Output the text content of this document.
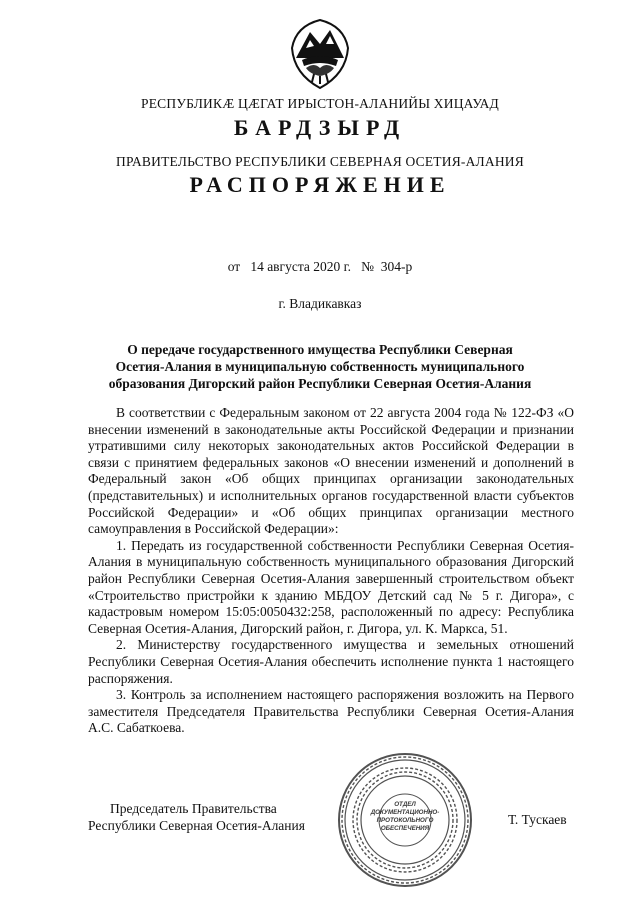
РЕСПУБЛИКÆ ЦÆГАТ ИРЫСТОН-АЛАНИЙЫ ХИЦАУАД
БАРДЗЫРД
ПРАВИТЕЛЬСТВО РЕСПУБЛИКИ СЕВЕРНАЯ ОСЕТИЯ-АЛАНИЯ
РАСПОРЯЖЕНИЕ
от 14 августа 2020 г. № 304-р
г. Владикавказ
О передаче государственного имущества Республики Северная
Осетия-Алания в муниципальную собственность муниципального
образования Дигорский район Республики Северная Осетия-Алания

В соответствии с Федеральным законом от 22 августа 2004 года № 122-ФЗ «О внесении изменений в законодательные акты Российской Федерации и признании утратившими силу некоторых законодательных актов Российской Федерации в связи с принятием федеральных законов «О внесении изменений и дополнений в Федеральный закон «Об общих принципах организации законодательных (представительных) и исполнительных органов государственной власти субъектов Российской Федерации» и «Об общих принципах организации местного самоуправления в Российской Федерации»:

1. Передать из государственной собственности Республики Северная Осетия-Алания в муниципальную собственность муниципального образования Дигорский район Республики Северная Осетия-Алания завершенный строительством объект «Строительство пристройки к зданию МБДОУ Детский сад № 5 г. Дигора», с кадастровым номером 15:05:0050432:258, расположенный по адресу: Республика Северная Осетия-Алания, Дигорский район, г. Дигора, ул. К. Маркса, 51.

2. Министерству государственного имущества и земельных отношений Республики Северная Осетия-Алания обеспечить исполнение пункта 1 настоящего распоряжения.

3. Контроль за исполнением настоящего распоряжения возложить на Первого заместителя Председателя Правительства Республики Северная Осетия-Алания А.С. Сабаткоева.

ОТДЕЛ
ДОКУМЕНТАЦИОННО-
ПРОТОКОЛЬНОГО
ОБЕСПЕЧЕНИЯ
Председатель Правительства
Республики Северная Осетия-Алания	Т. Тускаев
